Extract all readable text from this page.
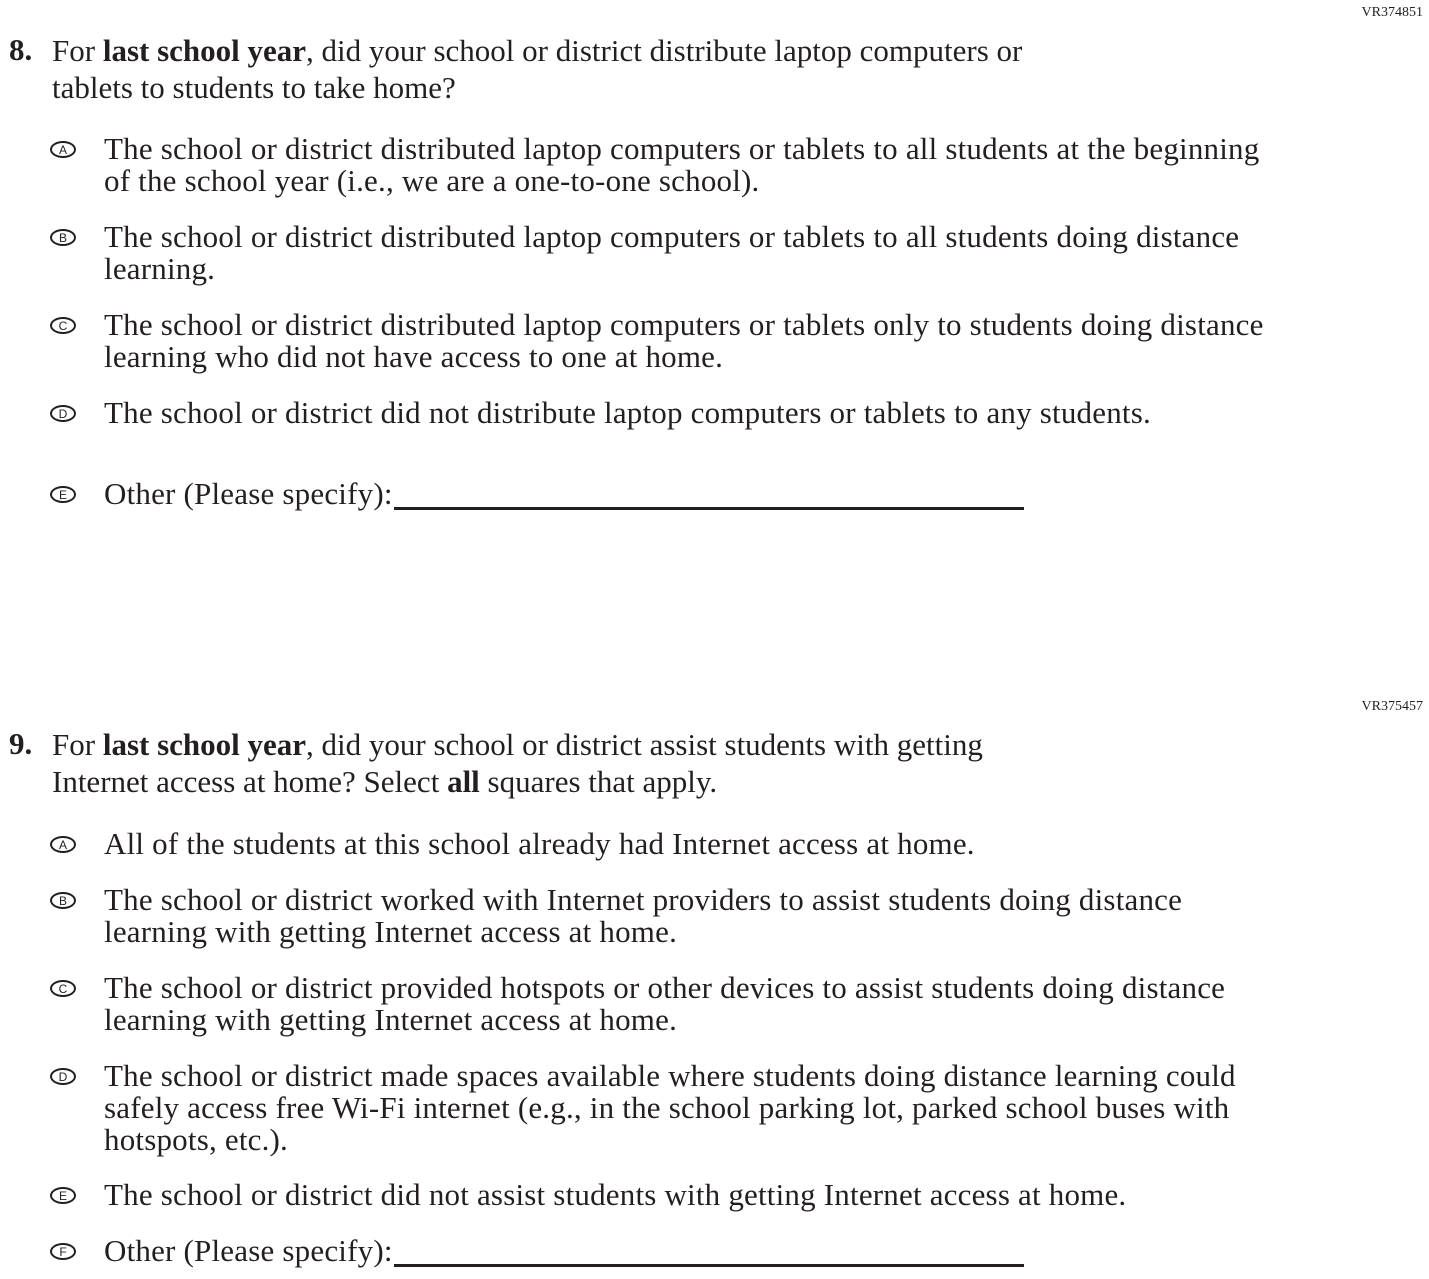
VR374851
8. For last school year, did your school or district distribute laptop computers or
tablets to students to take home?
A The school or district distributed laptop computers or tablets to all students at the beginning
of the school year (i.e., we are a one-to-one school).
B The school or district distributed laptop computers or tablets to all students doing distance
learning.
C The school or district distributed laptop computers or tablets only to students doing distance
learning who did not have access to one at home.
D The school or district did not distribute laptop computers or tablets to any students.
E Other (Please specify):
VR375457
9. For last school year, did your school or district assist students with getting
Internet access at home? Select all squares that apply.
A All of the students at this school already had Internet access at home.
B The school or district worked with Internet providers to assist students doing distance
learning with getting Internet access at home.
C The school or district provided hotspots or other devices to assist students doing distance
learning with getting Internet access at home.
D The school or district made spaces available where students doing distance learning could
safely access free Wi-Fi internet (e.g., in the school parking lot, parked school buses with
hotspots, etc.).
E The school or district did not assist students with getting Internet access at home.
F	Other (Please specify):
